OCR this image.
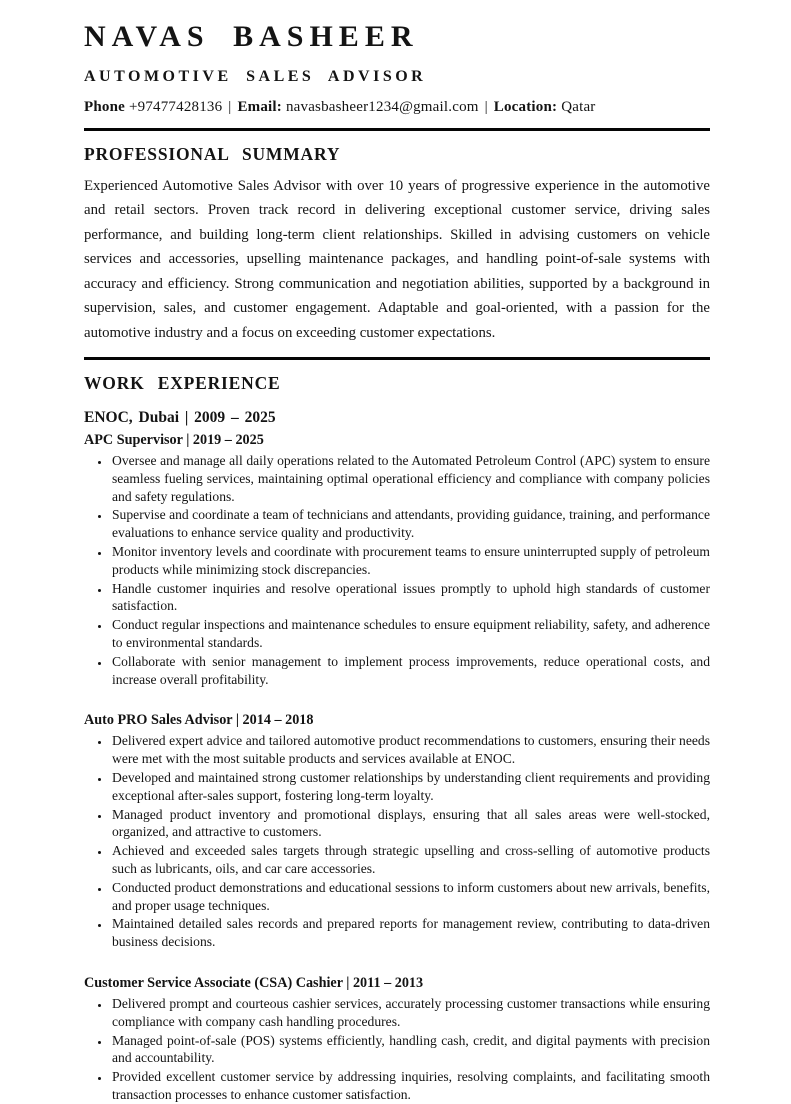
NAVAS BASHEER
AUTOMOTIVE SALES ADVISOR
Phone +97477428136 | Email: navasbasheer1234@gmail.com | Location: Qatar
PROFESSIONAL SUMMARY

Experienced Automotive Sales Advisor with over 10 years of progressive experience in the automotive and retail sectors. Proven track record in delivering exceptional customer service, driving sales performance, and building long-term client relationships. Skilled in advising customers on vehicle services and accessories, upselling maintenance packages, and handling point-of-sale systems with accuracy and efficiency. Strong communication and negotiation abilities, supported by a background in supervision, sales, and customer engagement. Adaptable and goal-oriented, with a passion for the automotive industry and a focus on exceeding customer expectations.

WORK EXPERIENCE
ENOC, Dubai | 2009 – 2025
APC Supervisor | 2019 – 2025
• Oversee and manage all daily operations related to the Automated Petroleum Control (APC) system to ensure seamless fueling services, maintaining optimal operational efficiency and compliance with company policies and safety regulations.
• Supervise and coordinate a team of technicians and attendants, providing guidance, training, and performance evaluations to enhance service quality and productivity.
• Monitor inventory levels and coordinate with procurement teams to ensure uninterrupted supply of petroleum products while minimizing stock discrepancies.
• Handle customer inquiries and resolve operational issues promptly to uphold high standards of customer satisfaction.
• Conduct regular inspections and maintenance schedules to ensure equipment reliability, safety, and adherence to environmental standards.
• Collaborate with senior management to implement process improvements, reduce operational costs, and increase overall profitability.
Auto PRO Sales Advisor | 2014 – 2018
• Delivered expert advice and tailored automotive product recommendations to customers, ensuring their needs were met with the most suitable products and services available at ENOC.
• Developed and maintained strong customer relationships by understanding client requirements and providing exceptional after-sales support, fostering long-term loyalty.
• Managed product inventory and promotional displays, ensuring that all sales areas were well-stocked, organized, and attractive to customers.
• Achieved and exceeded sales targets through strategic upselling and cross-selling of automotive products such as lubricants, oils, and car care accessories.
• Conducted product demonstrations and educational sessions to inform customers about new arrivals, benefits, and proper usage techniques.
• Maintained detailed sales records and prepared reports for management review, contributing to data-driven business decisions.
Customer Service Associate (CSA) Cashier | 2011 – 2013
• Delivered prompt and courteous cashier services, accurately processing customer transactions while ensuring compliance with company cash handling procedures.
• Managed point-of-sale (POS) systems efficiently, handling cash, credit, and digital payments with precision and accountability.
• Provided excellent customer service by addressing inquiries, resolving complaints, and facilitating smooth transaction processes to enhance customer satisfaction.
